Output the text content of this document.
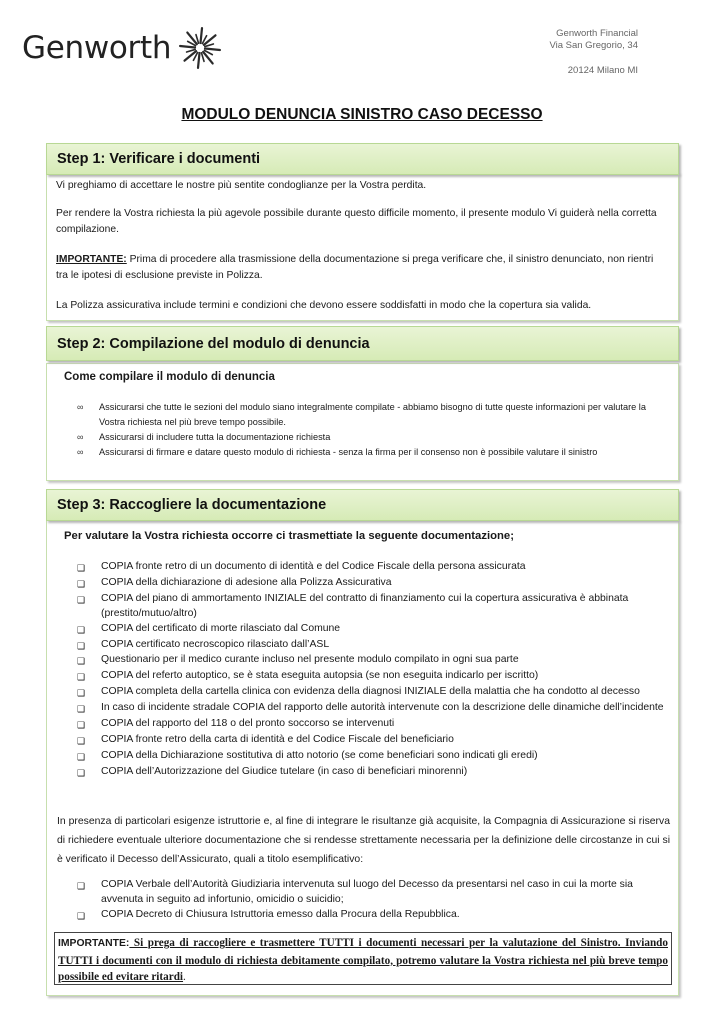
Genworth	Genworth Financial
Via San Gregorio, 34
20124 Milano MI
MODULO DENUNCIA SINISTRO CASO DECESSO

Vi preghiamo di accettare le nostre più sentite condoglianze per la Vostra perdita.

Per rendere la Vostra richiesta la più agevole possibile durante questo difficile momento, il presente modulo Vi guiderà nella corretta compilazione.

IMPORTANTE: Prima di procedere alla trasmissione della documentazione si prega verificare che, il sinistro denunciato, non rientri tra le ipotesi di esclusione previste in Polizza.

La Polizza assicurativa include termini e condizioni che devono essere soddisfatti in modo che la copertura sia valida.

Step 1: Verificare i documenti
Come compilare il modulo di denuncia
∞	Assicurarsi che tutte le sezioni del modulo siano integralmente compilate - abbiamo bisogno di tutte queste informazioni per valutare la Vostra richiesta nel più breve tempo possibile.
∞	Assicurarsi di includere tutta la documentazione richiesta
∞	Assicurarsi di firmare e datare questo modulo di richiesta - senza la firma per il consenso non è possibile valutare il sinistro
Step 2: Compilazione del modulo di denuncia
Per valutare la Vostra richiesta occorre ci trasmettiate la seguente documentazione;
❑	COPIA fronte retro di un documento di identità e del Codice Fiscale della persona assicurata
❑	COPIA della dichiarazione di adesione alla Polizza Assicurativa
❑	COPIA del piano di ammortamento INIZIALE del contratto di finanziamento cui la copertura assicurativa è abbinata (prestito/mutuo/altro)
❑	COPIA del certificato di morte rilasciato dal Comune
❑	COPIA certificato necroscopico rilasciato dall’ASL
❑	Questionario per il medico curante incluso nel presente modulo compilato in ogni sua parte
❑	COPIA del referto autoptico, se è stata eseguita autopsia (se non eseguita indicarlo per iscritto)
❑	COPIA completa della cartella clinica con evidenza della diagnosi INIZIALE della malattia che ha condotto al decesso
❑	In caso di incidente stradale COPIA del rapporto delle autorità intervenute con la descrizione delle dinamiche dell’incidente
❑	COPIA del rapporto del 118 o del pronto soccorso se intervenuti
❑	COPIA fronte retro della carta di identità e del Codice Fiscale del beneficiario
❑	COPIA della Dichiarazione sostitutiva di atto notorio (se come beneficiari sono indicati gli eredi)
❑	COPIA dell’Autorizzazione del Giudice tutelare (in caso di beneficiari minorenni)

In presenza di particolari esigenze istruttorie e, al fine di integrare le risultanze già acquisite, la Compagnia di Assicurazione si riserva di richiedere eventuale ulteriore documentazione che si rendesse strettamente necessaria per la definizione delle circostanze in cui si è verificato il Decesso dell’Assicurato, quali a titolo esemplificativo:

❑	COPIA Verbale dell’Autorità Giudiziaria intervenuta sul luogo del Decesso da presentarsi nel caso in cui la morte sia avvenuta in seguito ad infortunio, omicidio o suicidio;
❑	COPIA Decreto di Chiusura Istruttoria emesso dalla Procura della Repubblica.
Step 3: Raccogliere la documentazione
IMPORTANTE: Si prega di raccogliere e trasmettere TUTTI i documenti necessari per la valutazione del Sinistro. Inviando TUTTI i documenti con il modulo di richiesta debitamente compilato, potremo valutare la Vostra richiesta nel più breve tempo possibile ed evitare ritardi.
